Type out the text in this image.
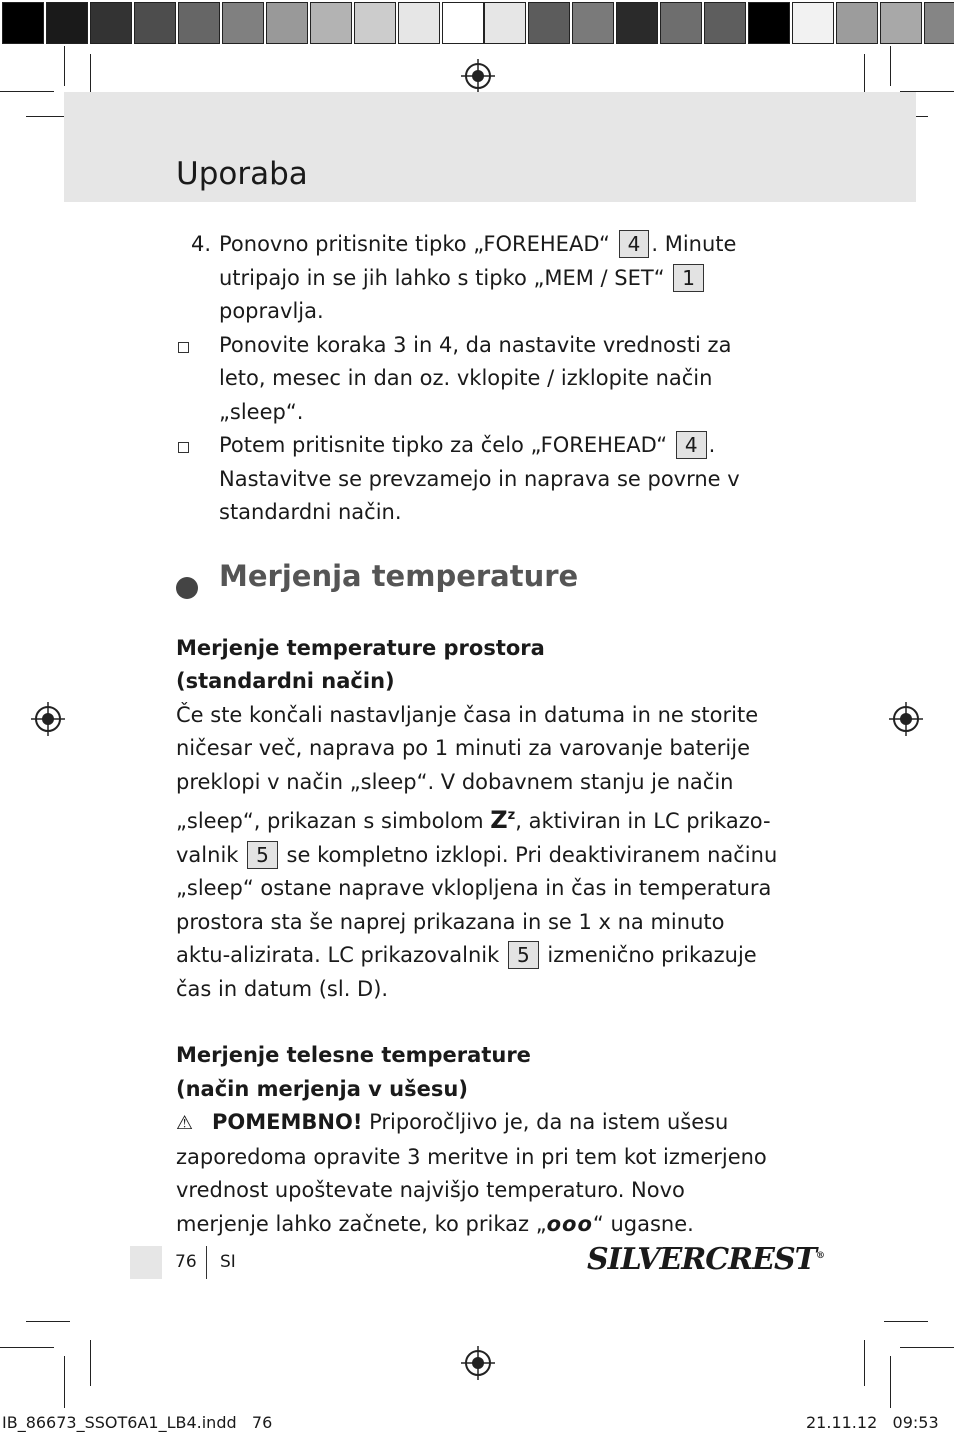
Uporaba

4. Ponovno pritisnite tipko „FOREHEAD“ 4 . Minute utripajo in se jih lahko s tipko „MEM / SET“ 1 popravlja.

Ponovite koraka 3 in 4, da nastavite vrednosti za leto, mesec in dan oz. vklopite / izklopite način „sleep“.

Potem pritisnite tipko za čelo „FOREHEAD“ 4 . Nastavitve se prevzamejo in naprava se povrne v standardni način.

Merjenja temperature
Merjenje temperature prostora
(standardni način)

Če ste končali nastavljanje časa in datuma in ne storite ničesar več, naprava po 1 minuti za varovanje baterije preklopi v način „sleep“. V dobavnem stanju je način „sleep“, prikazan s simbolom $Z^z$, aktiviran in LC prikazo-valnik 5 se kompletno izklopi. Pri deaktiviranem načinu „sleep“ ostane naprave vklopljena in čas in temperatura prostora sta še naprej prikazana in se 1 x na minuto aktu-alizirata. LC prikazovalnik 5 izmenično prikazuje čas in datum (sl. D).

Merjenje telesne temperature
(način merjenja v ušesu)

⚠ POMEMBNO! Priporočljivo je, da na istem ušesu zaporedoma opravite 3 meritve in pri tem kot izmerjeno vrednost upoštevate najvišjo temperaturo. Novo merjenje lahko začnete, ko prikaz „ooo“ ugasne.

76 SI	SILVERCREST®
IB_86673_SSOT6A1_LB4.indd   76	21.11.12   09:53
